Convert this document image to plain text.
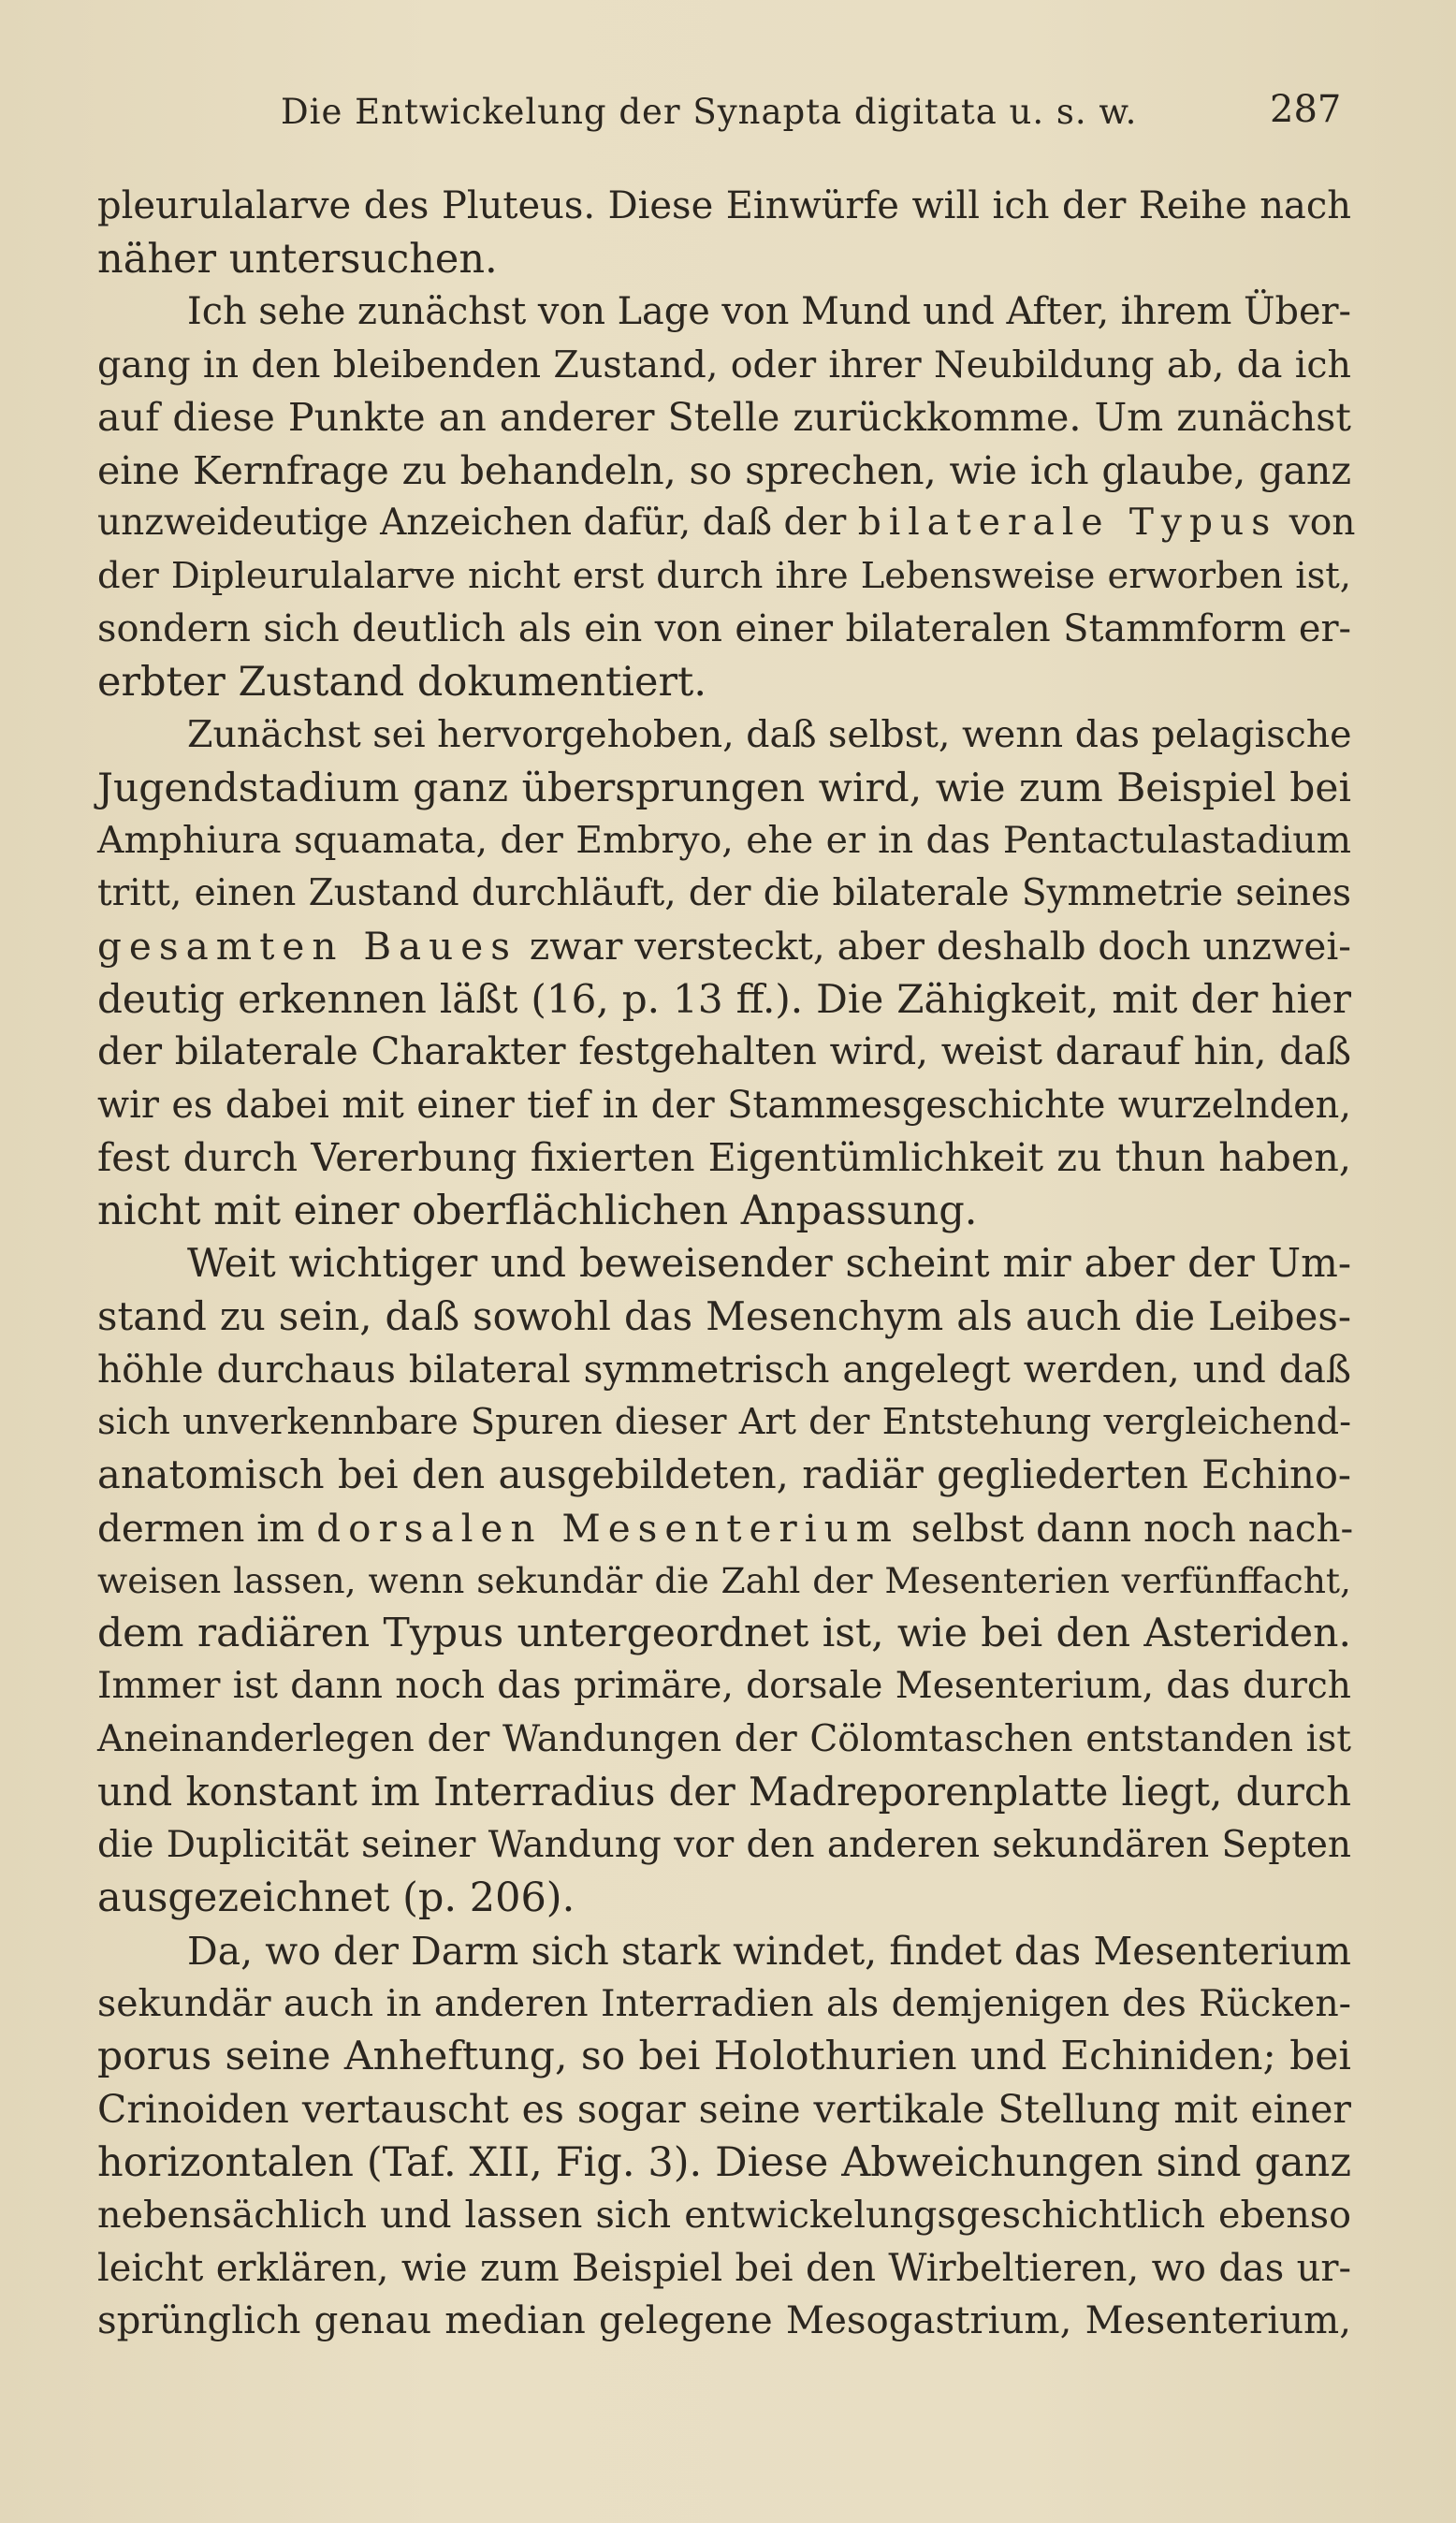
Die Entwickelung der Synapta digitata u. s. w.	287
pleurulalarve des Pluteus. Diese Einwürfe will ich der Reihe nach
näher untersuchen.
Ich sehe zunächst von Lage von Mund und After, ihrem Über-
gang in den bleibenden Zustand, oder ihrer Neubildung ab, da ich
auf diese Punkte an anderer Stelle zurückkomme. Um zunächst
eine Kernfrage zu behandeln, so sprechen, wie ich glaube, ganz
unzweideutige Anzeichen dafür, daß der bilaterale Typus von
der Dipleurulalarve nicht erst durch ihre Lebensweise erworben ist,
sondern sich deutlich als ein von einer bilateralen Stammform er-
erbter Zustand dokumentiert.
Zunächst sei hervorgehoben, daß selbst, wenn das pelagische
Jugendstadium ganz übersprungen wird, wie zum Beispiel bei
Amphiura squamata, der Embryo, ehe er in das Pentactulastadium
tritt, einen Zustand durchläuft, der die bilaterale Symmetrie seines
gesamten Baues zwar versteckt, aber deshalb doch unzwei-
deutig erkennen läßt (16, p. 13 ff.). Die Zähigkeit, mit der hier
der bilaterale Charakter festgehalten wird, weist darauf hin, daß
wir es dabei mit einer tief in der Stammesgeschichte wurzelnden,
fest durch Vererbung fixierten Eigentümlichkeit zu thun haben,
nicht mit einer oberflächlichen Anpassung.
Weit wichtiger und beweisender scheint mir aber der Um-
stand zu sein, daß sowohl das Mesenchym als auch die Leibes-
höhle durchaus bilateral symmetrisch angelegt werden, und daß
sich unverkennbare Spuren dieser Art der Entstehung vergleichend-
anatomisch bei den ausgebildeten, radiär gegliederten Echino-
dermen im dorsalen Mesenterium selbst dann noch nach-
weisen lassen, wenn sekundär die Zahl der Mesenterien verfünffacht,
dem radiären Typus untergeordnet ist, wie bei den Asteriden.
Immer ist dann noch das primäre, dorsale Mesenterium, das durch
Aneinanderlegen der Wandungen der Cölomtaschen entstanden ist
und konstant im Interradius der Madreporenplatte liegt, durch
die Duplicität seiner Wandung vor den anderen sekundären Septen
ausgezeichnet (p. 206).
Da, wo der Darm sich stark windet, findet das Mesenterium
sekundär auch in anderen Interradien als demjenigen des Rücken-
porus seine Anheftung, so bei Holothurien und Echiniden; bei
Crinoiden vertauscht es sogar seine vertikale Stellung mit einer
horizontalen (Taf. XII, Fig. 3). Diese Abweichungen sind ganz
nebensächlich und lassen sich entwickelungsgeschichtlich ebenso
leicht erklären, wie zum Beispiel bei den Wirbeltieren, wo das ur-
sprünglich genau median gelegene Mesogastrium, Mesenterium,
